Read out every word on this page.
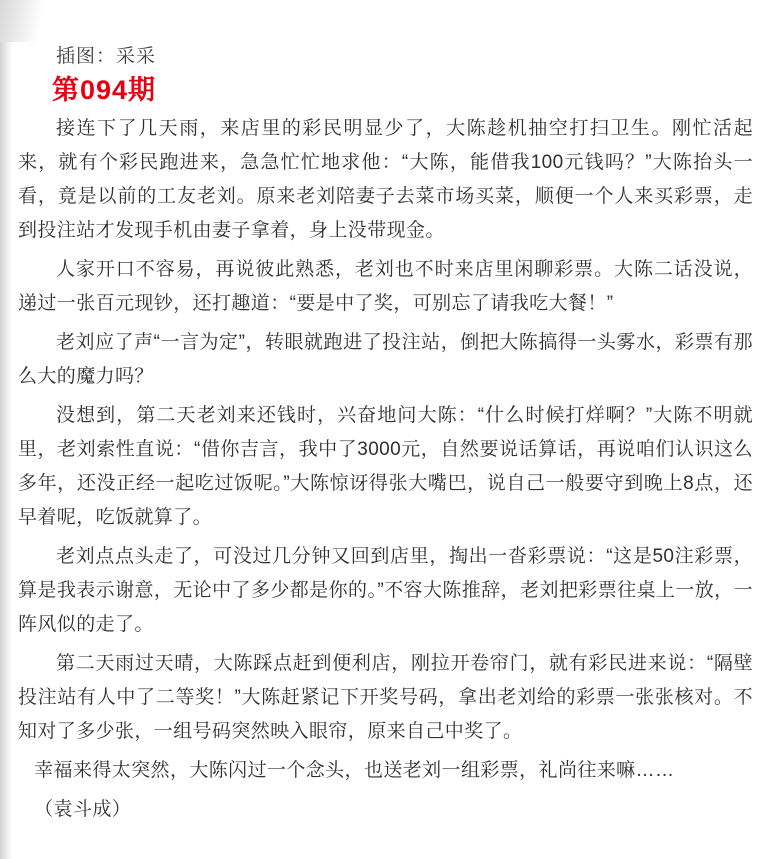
插图：采采

第094期

接连下了几天雨，来店里的彩民明显少了，大陈趁机抽空打扫卫生。刚忙活起来，就有个彩民跑进来，急急忙忙地求他：“大陈，能借我100元钱吗？”大陈抬头一看，竟是以前的工友老刘。原来老刘陪妻子去菜市场买菜，顺便一个人来买彩票，走到投注站才发现手机由妻子拿着，身上没带现金。

人家开口不容易，再说彼此熟悉，老刘也不时来店里闲聊彩票。大陈二话没说，递过一张百元现钞，还打趣道：“要是中了奖，可别忘了请我吃大餐！”

老刘应了声“一言为定”，转眼就跑进了投注站，倒把大陈搞得一头雾水，彩票有那么大的魔力吗？

没想到，第二天老刘来还钱时，兴奋地问大陈：“什么时候打烊啊？”大陈不明就里，老刘索性直说：“借你吉言，我中了3000元，自然要说话算话，再说咱们认识这么多年，还没正经一起吃过饭呢。”大陈惊讶得张大嘴巴，说自己一般要守到晚上8点，还早着呢，吃饭就算了。

老刘点点头走了，可没过几分钟又回到店里，掏出一沓彩票说：“这是50注彩票，算是我表示谢意，无论中了多少都是你的。”不容大陈推辞，老刘把彩票往桌上一放，一阵风似的走了。

第二天雨过天晴，大陈踩点赶到便利店，刚拉开卷帘门，就有彩民进来说：“隔壁投注站有人中了二等奖！”大陈赶紧记下开奖号码，拿出老刘给的彩票一张张核对。不知对了多少张，一组号码突然映入眼帘，原来自己中奖了。

幸福来得太突然，大陈闪过一个念头，也送老刘一组彩票，礼尚往来嘛……

（袁斗成）
